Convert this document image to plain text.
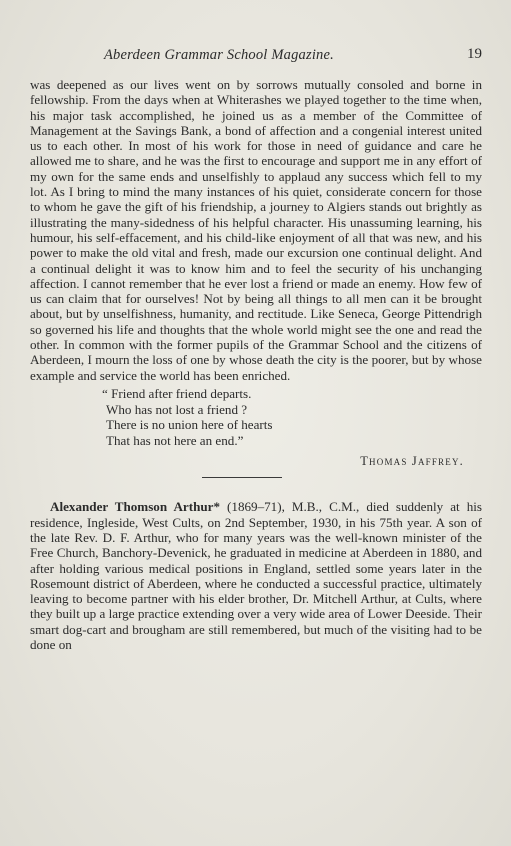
Aberdeen Grammar School Magazine.	19

was deepened as our lives went on by sorrows mutually consoled and borne in fellowship. From the days when at Whiterashes we played together to the time when, his major task accomplished, he joined us as a member of the Committee of Management at the Savings Bank, a bond of affection and a congenial interest united us to each other. In most of his work for those in need of guidance and care he allowed me to share, and he was the first to encourage and support me in any effort of my own for the same ends and unselfishly to applaud any success which fell to my lot. As I bring to mind the many instances of his quiet, considerate concern for those to whom he gave the gift of his friendship, a journey to Algiers stands out brightly as illustrating the many-sidedness of his helpful character. His unassuming learning, his humour, his self-effacement, and his child-like enjoyment of all that was new, and his power to make the old vital and fresh, made our excursion one continual delight. And a continual delight it was to know him and to feel the security of his unchanging affection. I cannot remember that he ever lost a friend or made an enemy. How few of us can claim that for ourselves! Not by being all things to all men can it be brought about, but by unselfishness, humanity, and rectitude. Like Seneca, George Pittendrigh so governed his life and thoughts that the whole world might see the one and read the other. In common with the former pupils of the Grammar School and the citizens of Aberdeen, I mourn the loss of one by whose death the city is the poorer, but by whose example and service the world has been enriched.

“ Friend after friend departs.
Who has not lost a friend ?
There is no union here of hearts
That has not here an end.”
Thomas Jaffrey.

Alexander Thomson Arthur* (1869–71), M.B., C.M., died suddenly at his residence, Ingleside, West Cults, on 2nd September, 1930, in his 75th year. A son of the late Rev. D. F. Arthur, who for many years was the well-known minister of the Free Church, Banchory-Devenick, he graduated in medicine at Aberdeen in 1880, and after holding various medical positions in England, settled some years later in the Rosemount district of Aberdeen, where he conducted a successful practice, ultimately leaving to become partner with his elder brother, Dr. Mitchell Arthur, at Cults, where they built up a large practice extending over a very wide area of Lower Deeside. Their smart dog-cart and brougham are still remembered, but much of the visiting had to be done on
